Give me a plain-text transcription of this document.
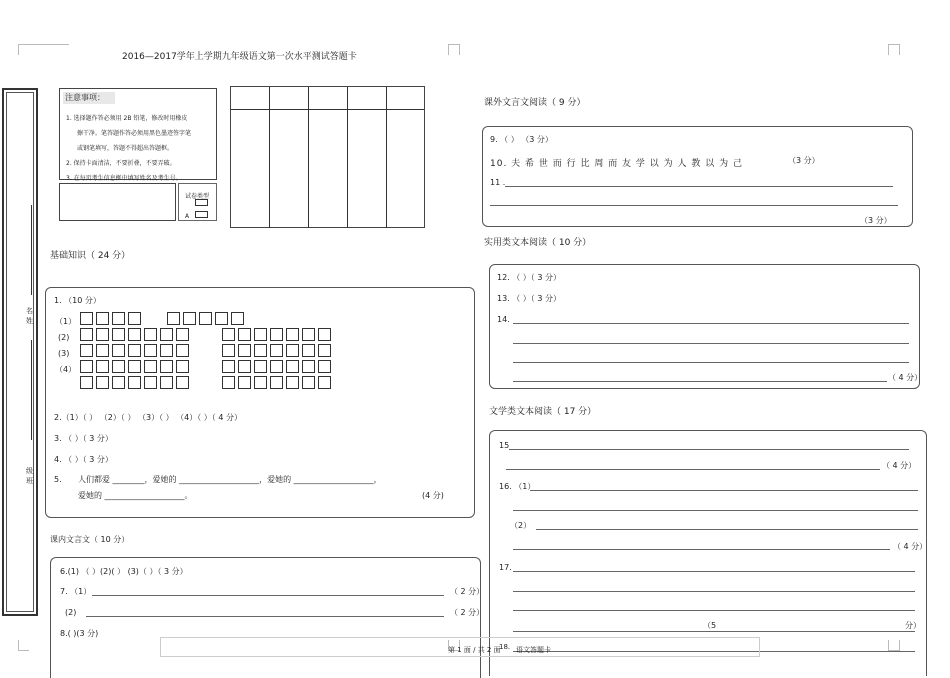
2016—2017学年上学期九年级语文第一次水平测试答题卡
名 姓
级 班
注意事项：
1. 选择题作答必须用 2B 铅笔，修改时用橡皮
擦干净。笔答题作答必须用黑色墨迹签字笔
或钢笔填写，答题不得超出答题框。
2. 保持卡面清洁，不要折叠，不要弄破。
3. 在每页考生信息框中填写姓名及考生号。
试卷类型
A
基础知识（ 24 分）
1. （10 分）
（1）
(2)
(3)
（4）
2.（1）（ ） （2）（ ） （3）（ ） （4）（ ）（ 4 分）
3. （ ）（ 3 分）
4. （ ）（ 3 分）
5. 人们都爱 ________，爱她的 ____________________，爱她的 ____________________，
爱她的 ____________________。	(4 分)
课内文言文（ 10 分）
6.(1) （ ）(2)( ） (3)（ ）（ 3 分）
7. （1）	（ 2 分）
(2)	（ 2 分）
8.( )(3 分)
课外文言文阅读（ 9 分）
9. （ ） （3 分）
10. 夫 希 世 而 行 比 周 而 友 学 以 为 人 教 以 为 己	（3 分）
11 .
（3 分）
实用类文本阅读（ 10 分）
12. （ ）（ 3 分）
13. （ ）（ 3 分）
14.
（ 4 分）
文学类文本阅读（ 17 分）
15
（ 4 分）
16. （1）
（2）
（ 4 分）
17.
（5	分）
18.
第 1 面 / 共 2 面 语文答题卡
